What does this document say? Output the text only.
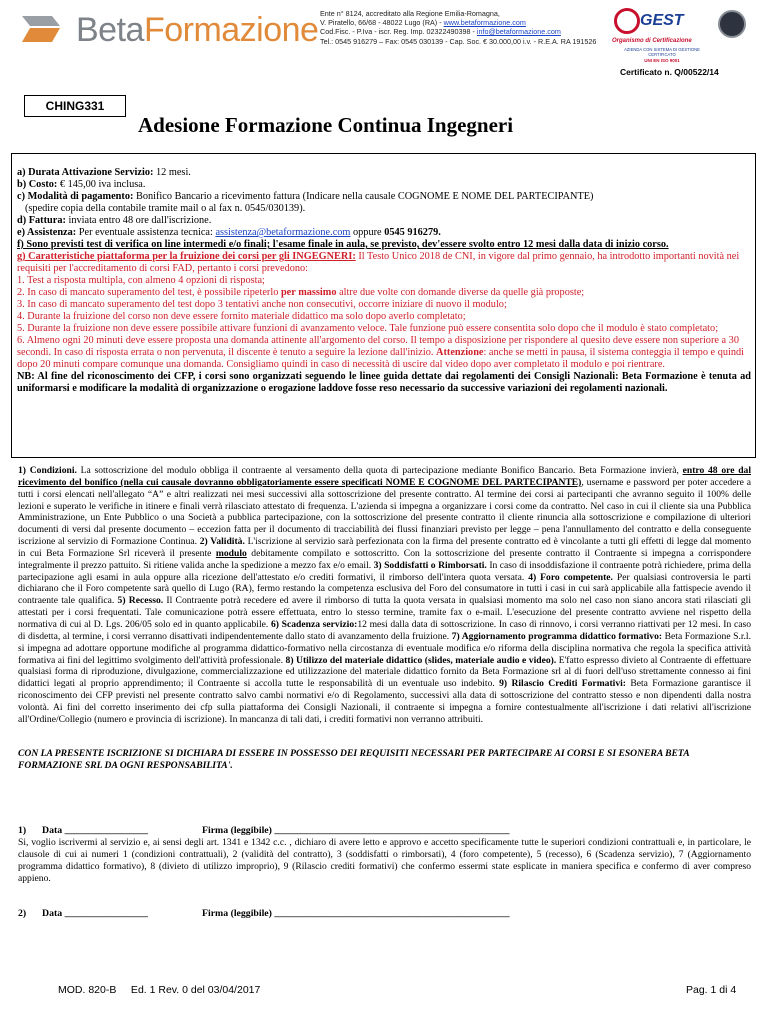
BetaFormazione Ente n° 8124, accreditato alla Regione Emilia-Romagna,
V. Piratello, 66/68 - 48022 Lugo (RA) - www.betaformazione.com
Cod.Fisc. - P.Iva - iscr. Reg. Imp. 02322490398 - info@betaformazione.com
Tel.: 0545 916279 – Fax: 0545 030139 - Cap. Soc. € 30.000,00 i.v. - R.E.A. RA 191526
GEST
Organismo di Certificazione
AZIENDA CON SISTEMA DI GESTIONE CERTIFICATO
UNI EN ISO 9001
Certificato n. Q/00522/14
CHING331
Adesione Formazione Continua Ingegneri

a) Durata Attivazione Servizio: 12 mesi.

b) Costo: € 145,00 iva inclusa.

c) Modalità di pagamento: Bonifico Bancario a ricevimento fattura (Indicare nella causale COGNOME E NOME DEL PARTECIPANTE)

(spedire copia della contabile tramite mail o al fax n. 0545/030139).

d) Fattura: inviata entro 48 ore dall'iscrizione.

e) Assistenza: Per eventuale assistenza tecnica: assistenza@betaformazione.com oppure 0545 916279.

f) Sono previsti test di verifica on line intermedi e/o finali; l'esame finale in aula, se previsto, dev'essere svolto entro 12 mesi dalla data di inizio corso.

g) Caratteristiche piattaforma per la fruizione dei corsi per gli INGEGNERI: Il Testo Unico 2018 de CNI, in vigore dal primo gennaio, ha introdotto importanti novità nei requisiti per l'accreditamento di corsi FAD, pertanto i corsi prevedono:

1. Test a risposta multipla, con almeno 4 opzioni di risposta;

2. In caso di mancato superamento del test, è possibile ripeterlo per massimo altre due volte con domande diverse da quelle già proposte;

3. In caso di mancato superamento del test dopo 3 tentativi anche non consecutivi, occorre iniziare di nuovo il modulo;

4. Durante la fruizione del corso non deve essere fornito materiale didattico ma solo dopo averlo completato;

5. Durante la fruizione non deve essere possibile attivare funzioni di avanzamento veloce. Tale funzione può essere consentita solo dopo che il modulo è stato completato;

6. Almeno ogni 20 minuti deve essere proposta una domanda attinente all'argomento del corso. Il tempo a disposizione per rispondere al quesito deve essere non superiore a 30 secondi. In caso di risposta errata o non pervenuta, il discente è tenuto a seguire la lezione dall'inizio. Attenzione: anche se metti in pausa, il sistema conteggia il tempo e quindi dopo 20 minuti compare comunque una domanda. Consigliamo quindi in caso di necessità di uscire dal video dopo aver completato il modulo e poi rientrare.

NB: Al fine del riconoscimento dei CFP, i corsi sono organizzati seguendo le linee guida dettate dai regolamenti dei Consigli Nazionali: Beta Formazione è tenuta ad uniformarsi e modificare la modalità di organizzazione o erogazione laddove fosse reso necessario da successive variazioni dei regolamenti nazionali.

1) Condizioni. La sottoscrizione del modulo obbliga il contraente al versamento della quota di partecipazione mediante Bonifico Bancario. Beta Formazione invierà, entro 48 ore dal ricevimento del bonifico (nella cui causale dovranno obbligatoriamente essere specificati NOME E COGNOME DEL PARTECIPANTE), username e password per poter accedere a tutti i corsi elencati nell'allegato “A” e altri realizzati nei mesi successivi alla sottoscrizione del presente contratto. Al termine dei corsi ai partecipanti che avranno seguito il 100% delle lezioni e superato le verifiche in itinere e finali verrà rilasciato attestato di frequenza. L'azienda si impegna a organizzare i corsi come da contratto. Nel caso in cui il cliente sia una Pubblica Amministrazione, un Ente Pubblico o una Società a pubblica partecipazione, con la sottoscrizione del presente contratto il cliente rinuncia alla sottoscrizione e compilazione di ulteriori documenti di versi dal presente documento – eccezion fatta per il documento di tracciabilità dei flussi finanziari previsto per legge – pena l'annullamento del contratto e della conseguente iscrizione al servizio di Formazione Continua. 2) Validità. L'iscrizione al servizio sarà perfezionata con la firma del presente contratto ed è vincolante a tutti gli effetti di legge dal momento in cui Beta Formazione Srl riceverà il presente modulo debitamente compilato e sottoscritto. Con la sottoscrizione del presente contratto il Contraente si impegna a corrispondere integralmente il prezzo pattuito. Si ritiene valida anche la spedizione a mezzo fax e/o email. 3) Soddisfatti o Rimborsati. In caso di insoddisfazione il contraente potrà richiedere, prima della partecipazione agli esami in aula oppure alla ricezione dell'attestato e/o crediti formativi, il rimborso dell'intera quota versata. 4) Foro competente. Per qualsiasi controversia le parti dichiarano che il Foro competente sarà quello di Lugo (RA), fermo restando la competenza esclusiva del Foro del consumatore in tutti i casi in cui sarà applicabile alla fattispecie avendo il contraente tale qualifica. 5) Recesso. Il Contraente potrà recedere ed avere il rimborso di tutta la quota versata in qualsiasi momento ma solo nel caso non siano ancora stati rilasciati gli attestati per i corsi frequentati. Tale comunicazione potrà essere effettuata, entro lo stesso termine, tramite fax o e-mail. L'esecuzione del presente contratto avviene nel rispetto della normativa di cui al D. Lgs. 206/05 solo ed in quanto applicabile. 6) Scadenza servizio:12 mesi dalla data di sottoscrizione. In caso di rinnovo, i corsi verranno riattivati per 12 mesi. In caso di disdetta, al termine, i corsi verranno disattivati indipendentemente dallo stato di avanzamento della fruizione. 7) Aggiornamento programma didattico formativo: Beta Formazione S.r.l. si impegna ad adottare opportune modifiche al programma didattico-formativo nella circostanza di eventuale modifica e/o riforma della disciplina normativa che regola la specifica attività formativa ai fini del legittimo svolgimento dell'attività professionale. 8) Utilizzo del materiale didattico (slides, materiale audio e video). E'fatto espresso divieto al Contraente di effettuare qualsiasi forma di riproduzione, divulgazione, commercializzazione ed utilizzazione del materiale didattico fornito da Beta Formazione srl al di fuori dell'uso strettamente connesso ai fini didattici legati al proprio apprendimento; il Contraente si accolla tutte le responsabilità di un eventuale uso indebito. 9) Rilascio Crediti Formativi: Beta Formazione garantisce il riconoscimento dei CFP previsti nel presente contratto salvo cambi normativi e/o di Regolamento, successivi alla data di sottoscrizione del contratto stesso e non dipendenti dalla nostra volontà. Ai fini del corretto inserimento dei cfp sulla piattaforma dei Consigli Nazionali, il contraente si impegna a fornire contestualmente all'iscrizione i dati relativi all'iscrizione all'Ordine/Collegio (numero e provincia di iscrizione). In mancanza di tali dati, i crediti formativi non verranno attribuiti.

CON LA PRESENTE ISCRIZIONE SI DICHIARA DI ESSERE IN POSSESSO DEI REQUISITI NECESSARI PER PARTECIPARE AI CORSI E SI ESONERA BETA FORMAZIONE SRL DA OGNI RESPONSABILITA'.
1) Data _________________	Firma (leggibile) ________________________________________________
Si, voglio iscrivermi al servizio e, ai sensi degli art. 1341 e 1342 c.c. , dichiaro di avere letto e approvo e accetto specificamente tutte le superiori condizioni contrattuali e, in particolare, le clausole di cui ai numeri 1 (condizioni contrattuali), 2 (validità del contratto), 3 (soddisfatti o rimborsati), 4 (foro competente), 5 (recesso), 6 (Scadenza servizio), 7 (Aggiornamento programma didattico formativo), 8 (divieto di utilizzo improprio), 9 (Rilascio crediti formativi) che confermo essermi state esplicate in maniera specifica e confermo di aver compreso appieno.
2) Data _________________	Firma (leggibile) ________________________________________________
MOD. 820-B     Ed. 1 Rev. 0 del 03/04/2017	Pag. 1 di 4
